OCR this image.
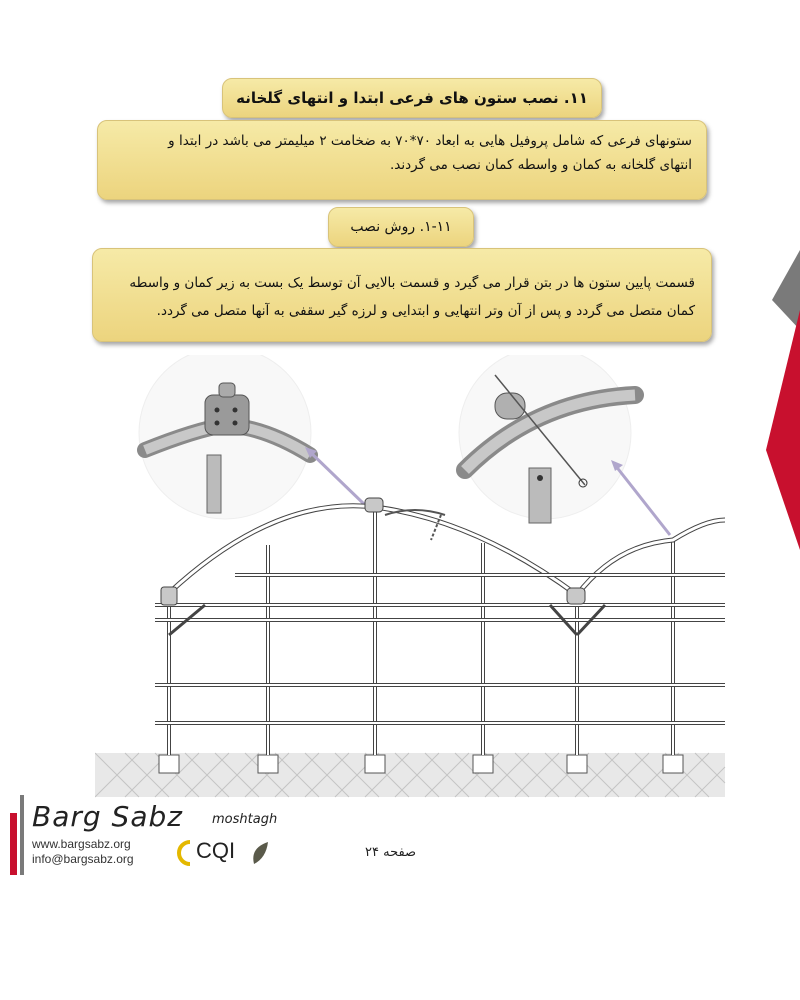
۱۱. نصب ستون های فرعی ابتدا و انتهای گلخانه

ستونهای فرعی که شامل پروفیل هایی به ابعاد ۷۰*۷۰ به ضخامت ۲ میلیمتر می باشد در ابتدا و

انتهای گلخانه به کمان و واسطه کمان نصب می گردند.

۱-۱۱. روش نصب

قسمت پایین ستون ها در بتن قرار می گیرد و قسمت بالایی آن توسط یک بست به زیر کمان و واسطه

کمان متصل می گردد و پس از آن وتر انتهایی و ابتدایی و لرزه گیر سقفی به آنها متصل می گردد.

Barg Sabz moshtagh
www.bargsabz.org
info@bargsabz.org	CQI	صفحه ۲۴
